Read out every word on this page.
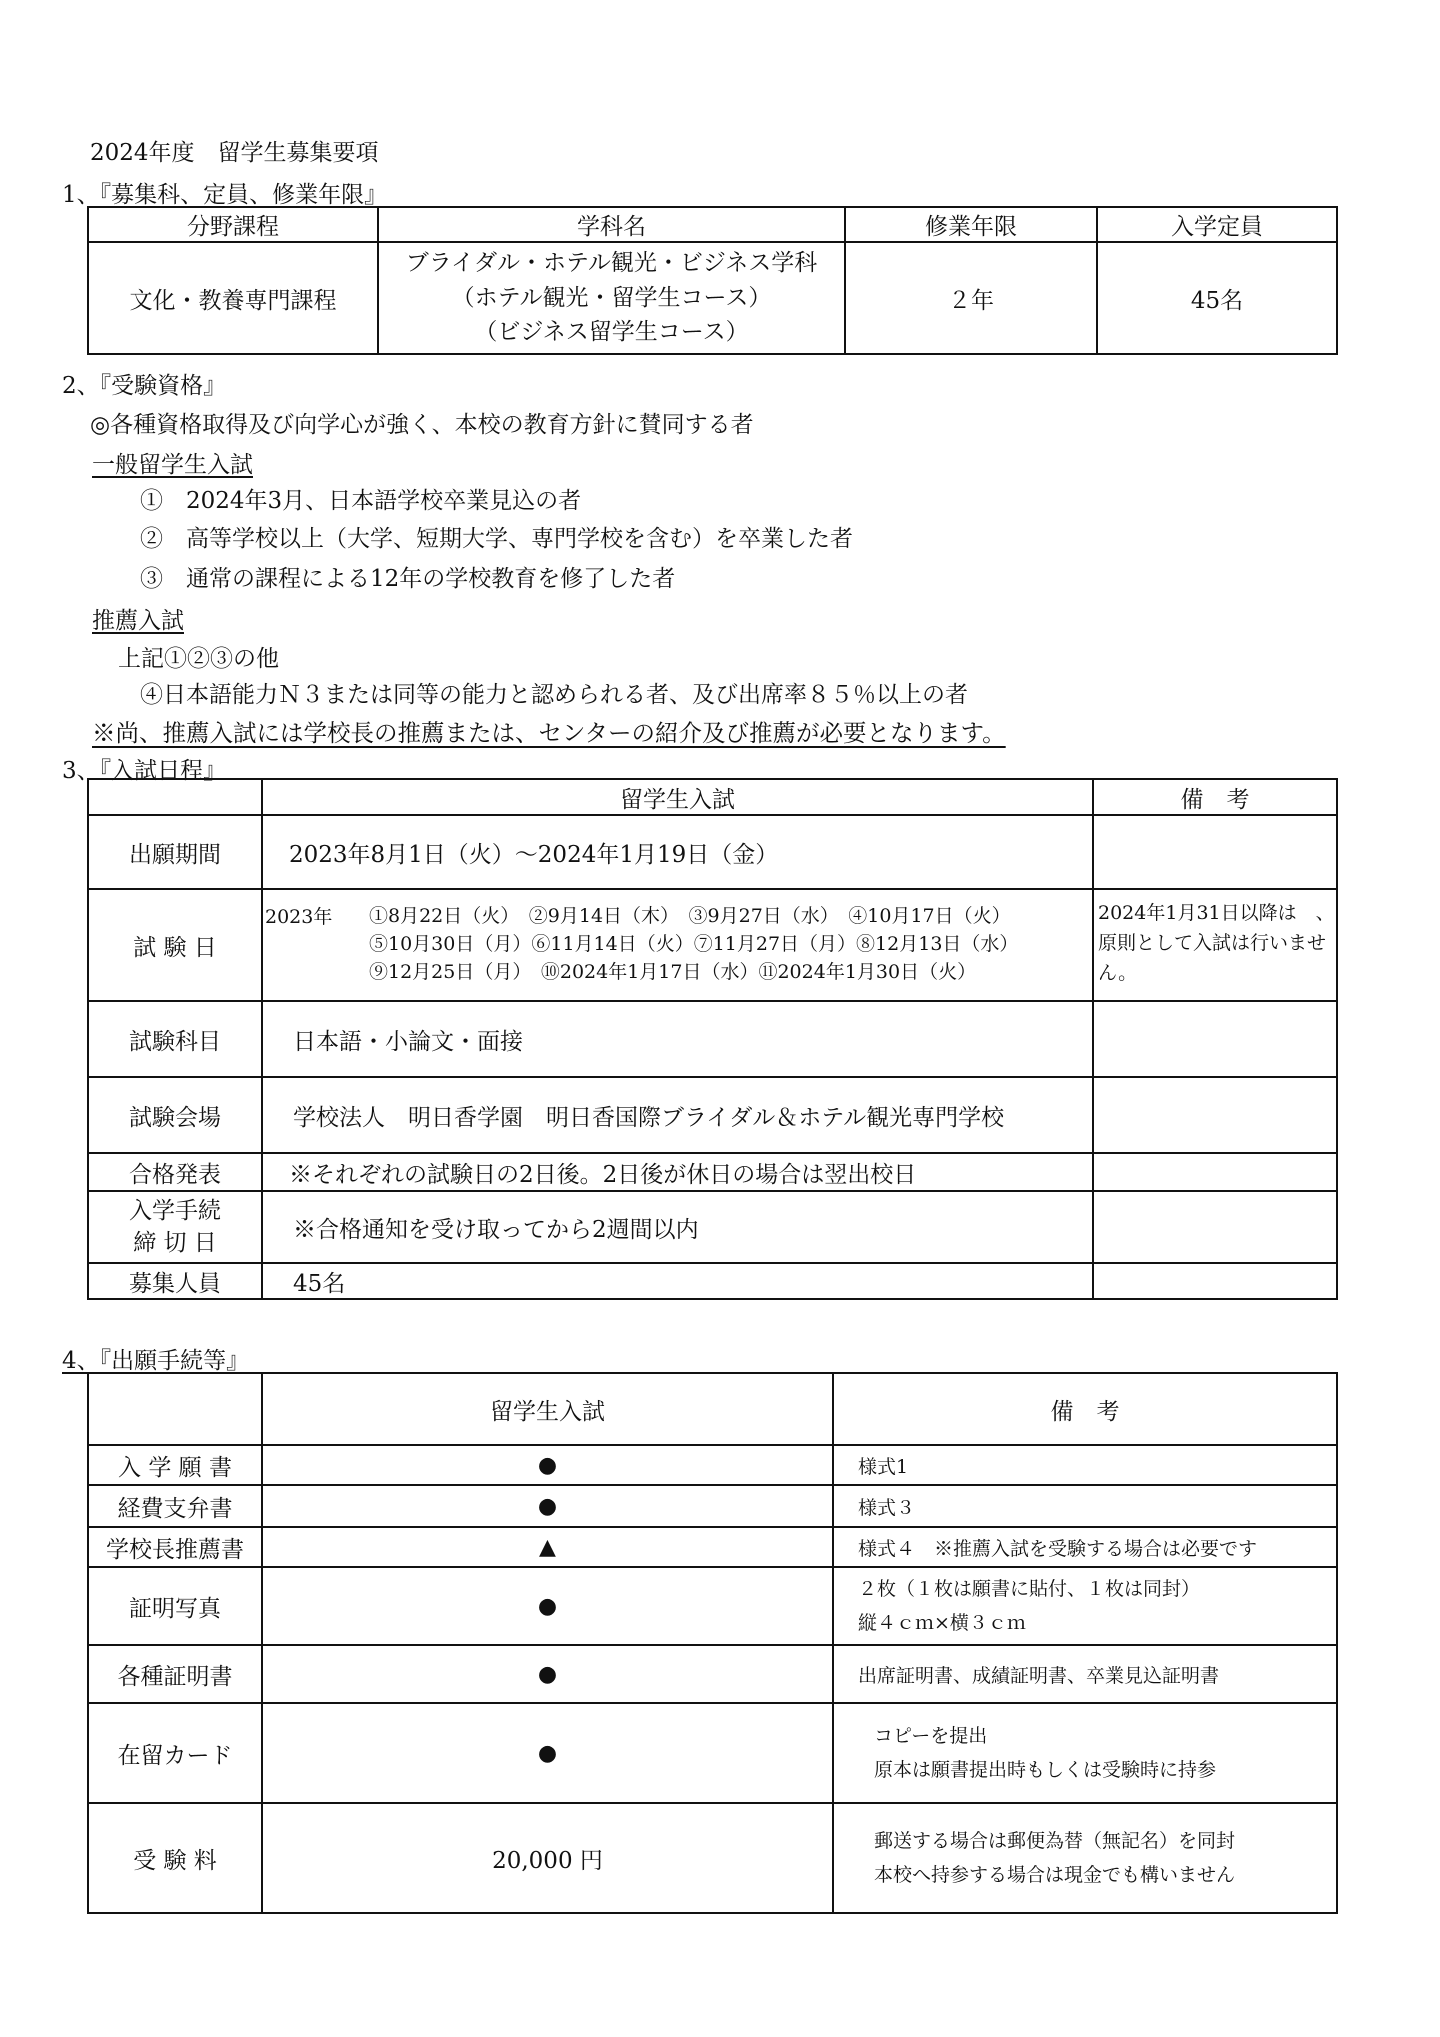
2024年度　留学生募集要項
1、『募集科、定員、修業年限』
分野課程	学科名	修業年限	入学定員
文化・教養専門課程	ブライダル・ホテル観光・ビジネス学科
（ホテル観光・留学生コース）
（ビジネス留学生コース）	２年	45名
2、『受験資格』
◎各種資格取得及び向学心が強く、本校の教育方針に賛同する者
一般留学生入試
①　2024年3月、日本語学校卒業見込の者
②　高等学校以上（大学、短期大学、専門学校を含む）を卒業した者
③　通常の課程による12年の学校教育を修了した者
推薦入試
上記①②③の他
④日本語能力Ｎ３または同等の能力と認められる者、及び出席率８５％以上の者
※尚、推薦入試には学校長の推薦または、センターの紹介及び推薦が必要となります。
3、『入試日程』
	留学生入試	備　考
出願期間	2023年8月1日（火）～2024年1月19日（金）	
試 験 日	2023年 ①8月22日（火）　②9月14日（木）　③9月27日（水）　④10月17日（火）
⑤10月30日（月）⑥11月14日（火）⑦11月27日（月）⑧12月13日（水）
⑨12月25日（月）　⑩2024年1月17日（水）⑪2024年1月30日（火）	2024年1月31日以降は　、原則として入試は行いません。
試験科目	日本語・小論文・面接	
試験会場	学校法人　明日香学園　明日香国際ブライダル＆ホテル観光専門学校	
合格発表	※それぞれの試験日の2日後。2日後が休日の場合は翌出校日	

入学手続
締 切 日	※合格通知を受け取ってから2週間以内	
募集人員	45名	
4、『出願手続等』
	留学生入試	備　考
入 学 願 書	●	様式1
経費支弁書	●	様式３
学校長推薦書	▲	様式４　※推薦入試を受験する場合は必要です
証明写真	●	２枚（１枚は願書に貼付、１枚は同封）
縦４ｃｍ×横３ｃｍ

各種証明書	●	出席証明書、成績証明書、卒業見込証明書
在留カード	●	コピーを提出
原本は願書提出時もしくは受験時に持参

受 験 料	20,000 円	郵送する場合は郵便為替（無記名）を同封
本校へ持参する場合は現金でも構いません
